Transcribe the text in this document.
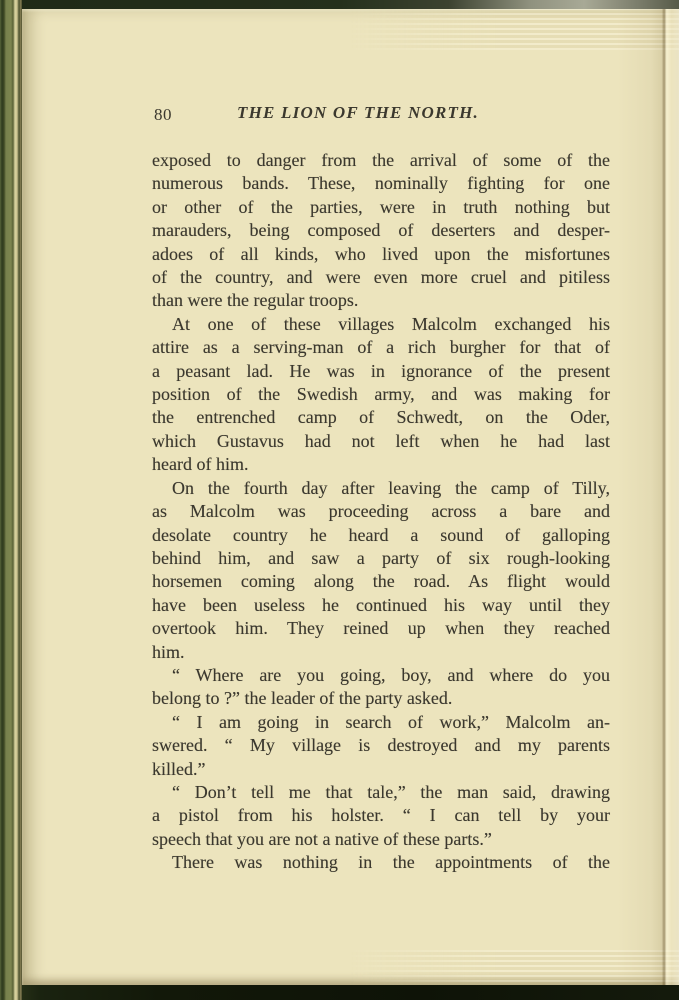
80	THE LION OF THE NORTH.
exposed to danger from the arrival of some of the
numerous bands. These, nominally fighting for one
or other of the parties, were in truth nothing but
marauders, being composed of deserters and desper-
adoes of all kinds, who lived upon the misfortunes
of the country, and were even more cruel and pitiless
than were the regular troops.
At one of these villages Malcolm exchanged his
attire as a serving-man of a rich burgher for that of
a peasant lad. He was in ignorance of the present
position of the Swedish army, and was making for
the entrenched camp of Schwedt, on the Oder,
which Gustavus had not left when he had last
heard of him.
On the fourth day after leaving the camp of Tilly,
as Malcolm was proceeding across a bare and
desolate country he heard a sound of galloping
behind him, and saw a party of six rough-looking
horsemen coming along the road. As flight would
have been useless he continued his way until they
overtook him. They reined up when they reached
him.
“ Where are you going, boy, and where do you
belong to ?” the leader of the party asked.
“ I am going in search of work,” Malcolm an-
swered. “ My village is destroyed and my parents
killed.”
“ Don’t tell me that tale,” the man said, drawing
a pistol from his holster. “ I can tell by your
speech that you are not a native of these parts.”
There was nothing in the appointments of the
